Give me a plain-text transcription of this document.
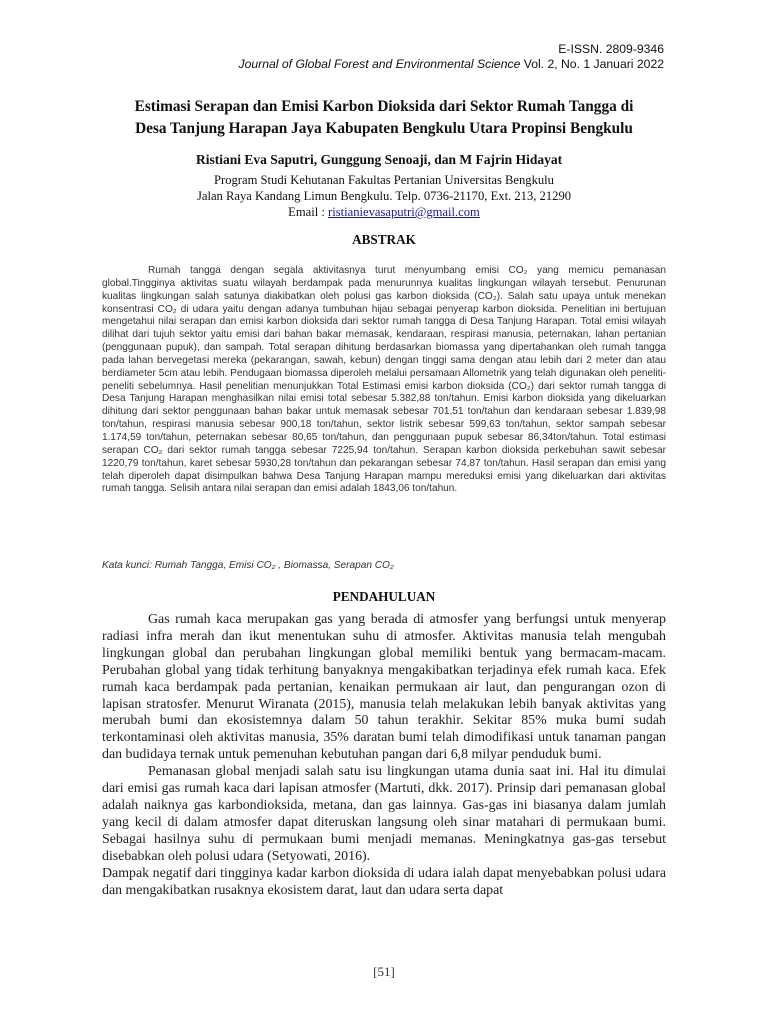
E-ISSN. 2809-9346
Journal of Global Forest and Environmental Science Vol. 2, No. 1 Januari 2022
Estimasi Serapan dan Emisi Karbon Dioksida dari Sektor Rumah Tangga di
Desa Tanjung Harapan Jaya Kabupaten Bengkulu Utara Propinsi Bengkulu
Ristiani Eva Saputri, Gunggung Senoaji, dan M Fajrin Hidayat
Program Studi Kehutanan Fakultas Pertanian Universitas Bengkulu
Jalan Raya Kandang Limun Bengkulu. Telp. 0736-21170, Ext. 213, 21290
Email : ristianievasaputri@gmail.com
ABSTRAK

Rumah tangga dengan segala aktivitasnya turut menyumbang emisi CO₂ yang memicu pemanasan global.Tingginya aktivitas suatu wilayah berdampak pada menurunnya kualitas lingkungan wilayah tersebut. Penurunan kualitas lingkungan salah satunya diakibatkan oleh polusi gas karbon dioksida (CO₂). Salah satu upaya untuk menekan konsentrasi CO₂ di udara yaitu dengan adanya tumbuhan hijau sebagai penyerap karbon dioksida. Penelitian ini bertujuan mengetahui nilai serapan dan emisi karbon dioksida dari sektor rumah tangga di Desa Tanjung Harapan. Total emisi wilayah dilihat dari tujuh sektor yaitu emisi dari bahan bakar memasak, kendaraan, respirasi manusia, peternakan, lahan pertanian (penggunaan pupuk), dan sampah. Total serapan dihitung berdasarkan biomassa yang dipertahankan oleh rumah tangga pada lahan bervegetasi mereka (pekarangan, sawah, kebun) dengan tinggi sama dengan atau lebih dari 2 meter dan atau berdiameter 5cm atau lebih. Pendugaan biomassa diperoleh melalui persamaan Allometrik yang telah digunakan oleh peneliti-peneliti sebelumnya. Hasil penelitian menunjukkan Total Estimasi emisi karbon dioksida (CO₂) dari sektor rumah tangga di Desa Tanjung Harapan menghasilkan nilai emisi total sebesar 5.382,88 ton/tahun. Emisi karbon dioksida yang dikeluarkan dihitung dari sektor penggunaan bahan bakar untuk memasak sebesar 701,51 ton/tahun dan kendaraan sebesar 1.839,98 ton/tahun, respirasi manusia sebesar 900,18 ton/tahun, sektor listrik sebesar 599,63 ton/tahun, sektor sampah sebesar 1.174,59 ton/tahun, peternakan sebesar 80,65 ton/tahun, dan penggunaan pupuk sebesar 86,34ton/tahun. Total estimasi serapan CO₂ dari sektor rumah tangga sebesar 7225,94 ton/tahun. Serapan karbon dioksida perkebuhan sawit sebesar 1220,79 ton/tahun, karet sebesar 5930,28 ton/tahun dan pekarangan sebesar 74,87 ton/tahun. Hasil serapan dan emisi yang telah diperoleh dapat disimpulkan bahwa Desa Tanjung Harapan mampu mereduksi emisi yang dikeluarkan dari aktivitas rumah tangga. Selisih antara nilai serapan dan emisi adalah 1843,06 ton/tahun.

Kata kunci: Rumah Tangga, Emisi CO₂ , Biomassa, Serapan CO₂
PENDAHULUAN

Gas rumah kaca merupakan gas yang berada di atmosfer yang berfungsi untuk menyerap radiasi infra merah dan ikut menentukan suhu di atmosfer. Aktivitas manusia telah mengubah lingkungan global dan perubahan lingkungan global memiliki bentuk yang bermacam-macam. Perubahan global yang tidak terhitung banyaknya mengakibatkan terjadinya efek rumah kaca. Efek rumah kaca berdampak pada pertanian, kenaikan permukaan air laut, dan pengurangan ozon di lapisan stratosfer. Menurut Wiranata (2015), manusia telah melakukan lebih banyak aktivitas yang merubah bumi dan ekosistemnya dalam 50 tahun terakhir. Sekitar 85% muka bumi sudah terkontaminasi oleh aktivitas manusia, 35% daratan bumi telah dimodifikasi untuk tanaman pangan dan budidaya ternak untuk pemenuhan kebutuhan pangan dari 6,8 milyar penduduk bumi.

Pemanasan global menjadi salah satu isu lingkungan utama dunia saat ini. Hal itu dimulai dari emisi gas rumah kaca dari lapisan atmosfer (Martuti, dkk. 2017). Prinsip dari pemanasan global adalah naiknya gas karbondioksida, metana, dan gas lainnya. Gas-gas ini biasanya dalam jumlah yang kecil di dalam atmosfer dapat diteruskan langsung oleh sinar matahari di permukaan bumi. Sebagai hasilnya suhu di permukaan bumi menjadi memanas. Meningkatnya gas-gas tersebut disebabkan oleh polusi udara (Setyowati, 2016).

Dampak negatif dari tingginya kadar karbon dioksida di udara ialah dapat menyebabkan polusi udara dan mengakibatkan rusaknya ekosistem darat, laut dan udara serta dapat

[51]
